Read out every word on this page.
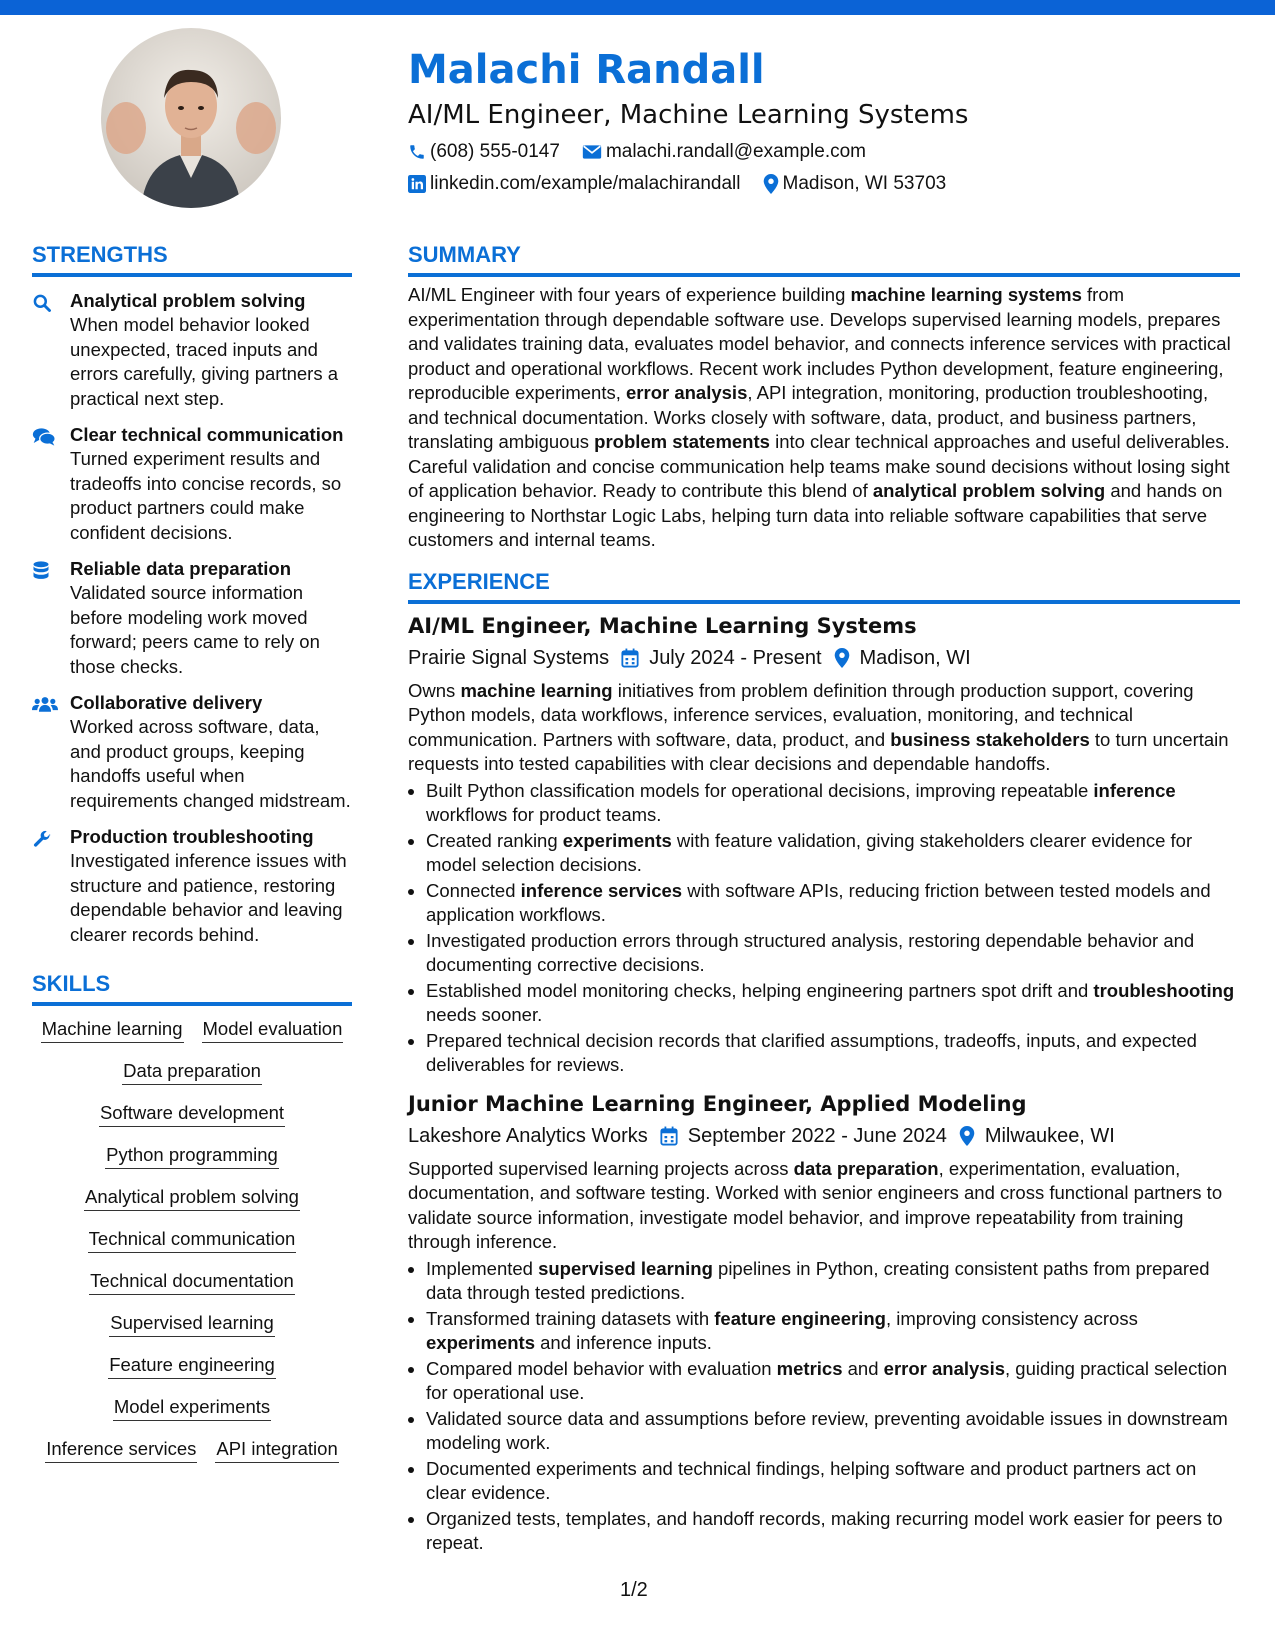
Malachi Randall
AI/ML Engineer, Machine Learning Systems
(608) 555-0147 malachi.randall@example.com
linkedin.com/example/malachirandall Madison, WI 53703
STRENGTHS
Analytical problem solving
When model behavior looked unexpected, traced inputs and errors carefully, giving partners a practical next step.
Clear technical communication
Turned experiment results and tradeoffs into concise records, so product partners could make confident decisions.
Reliable data preparation
Validated source information before modeling work moved forward; peers came to rely on those checks.
Collaborative delivery
Worked across software, data, and product groups, keeping handoffs useful when requirements changed midstream.
Production troubleshooting
Investigated inference issues with structure and patience, restoring dependable behavior and leaving clearer records behind.
SKILLS
Machine learning Model evaluation
Data preparation
Software development
Python programming
Analytical problem solving
Technical communication
Technical documentation
Supervised learning
Feature engineering
Model experiments
Inference services API integration
SUMMARY
AI/ML Engineer with four years of experience building machine learning systems from experimentation through dependable software use. Develops supervised learning models, prepares and validates training data, evaluates model behavior, and connects inference services with practical product and operational workflows. Recent work includes Python development, feature engineering, reproducible experiments, error analysis, API integration, monitoring, production troubleshooting, and technical documentation. Works closely with software, data, product, and business partners, translating ambiguous problem statements into clear technical approaches and useful deliverables. Careful validation and concise communication help teams make sound decisions without losing sight of application behavior. Ready to contribute this blend of analytical problem solving and hands on engineering to Northstar Logic Labs, helping turn data into reliable software capabilities that serve customers and internal teams.
EXPERIENCE
AI/ML Engineer, Machine Learning Systems
Prairie Signal Systems July 2024 - Present Madison, WI
Owns machine learning initiatives from problem definition through production support, covering Python models, data workflows, inference services, evaluation, monitoring, and technical communication. Partners with software, data, product, and business stakeholders to turn uncertain requests into tested capabilities with clear decisions and dependable handoffs.
• Built Python classification models for operational decisions, improving repeatable inference workflows for product teams.
• Created ranking experiments with feature validation, giving stakeholders clearer evidence for model selection decisions.
• Connected inference services with software APIs, reducing friction between tested models and application workflows.
• Investigated production errors through structured analysis, restoring dependable behavior and documenting corrective decisions.
• Established model monitoring checks, helping engineering partners spot drift and troubleshooting needs sooner.
• Prepared technical decision records that clarified assumptions, tradeoffs, inputs, and expected deliverables for reviews.
Junior Machine Learning Engineer, Applied Modeling
Lakeshore Analytics Works September 2022 - June 2024 Milwaukee, WI
Supported supervised learning projects across data preparation, experimentation, evaluation, documentation, and software testing. Worked with senior engineers and cross functional partners to validate source information, investigate model behavior, and improve repeatability from training through inference.
• Implemented supervised learning pipelines in Python, creating consistent paths from prepared data through tested predictions.
• Transformed training datasets with feature engineering, improving consistency across experiments and inference inputs.
• Compared model behavior with evaluation metrics and error analysis, guiding practical selection for operational use.
• Validated source data and assumptions before review, preventing avoidable issues in downstream modeling work.
• Documented experiments and technical findings, helping software and product partners act on clear evidence.
• Organized tests, templates, and handoff records, making recurring model work easier for peers to repeat.
1/2
